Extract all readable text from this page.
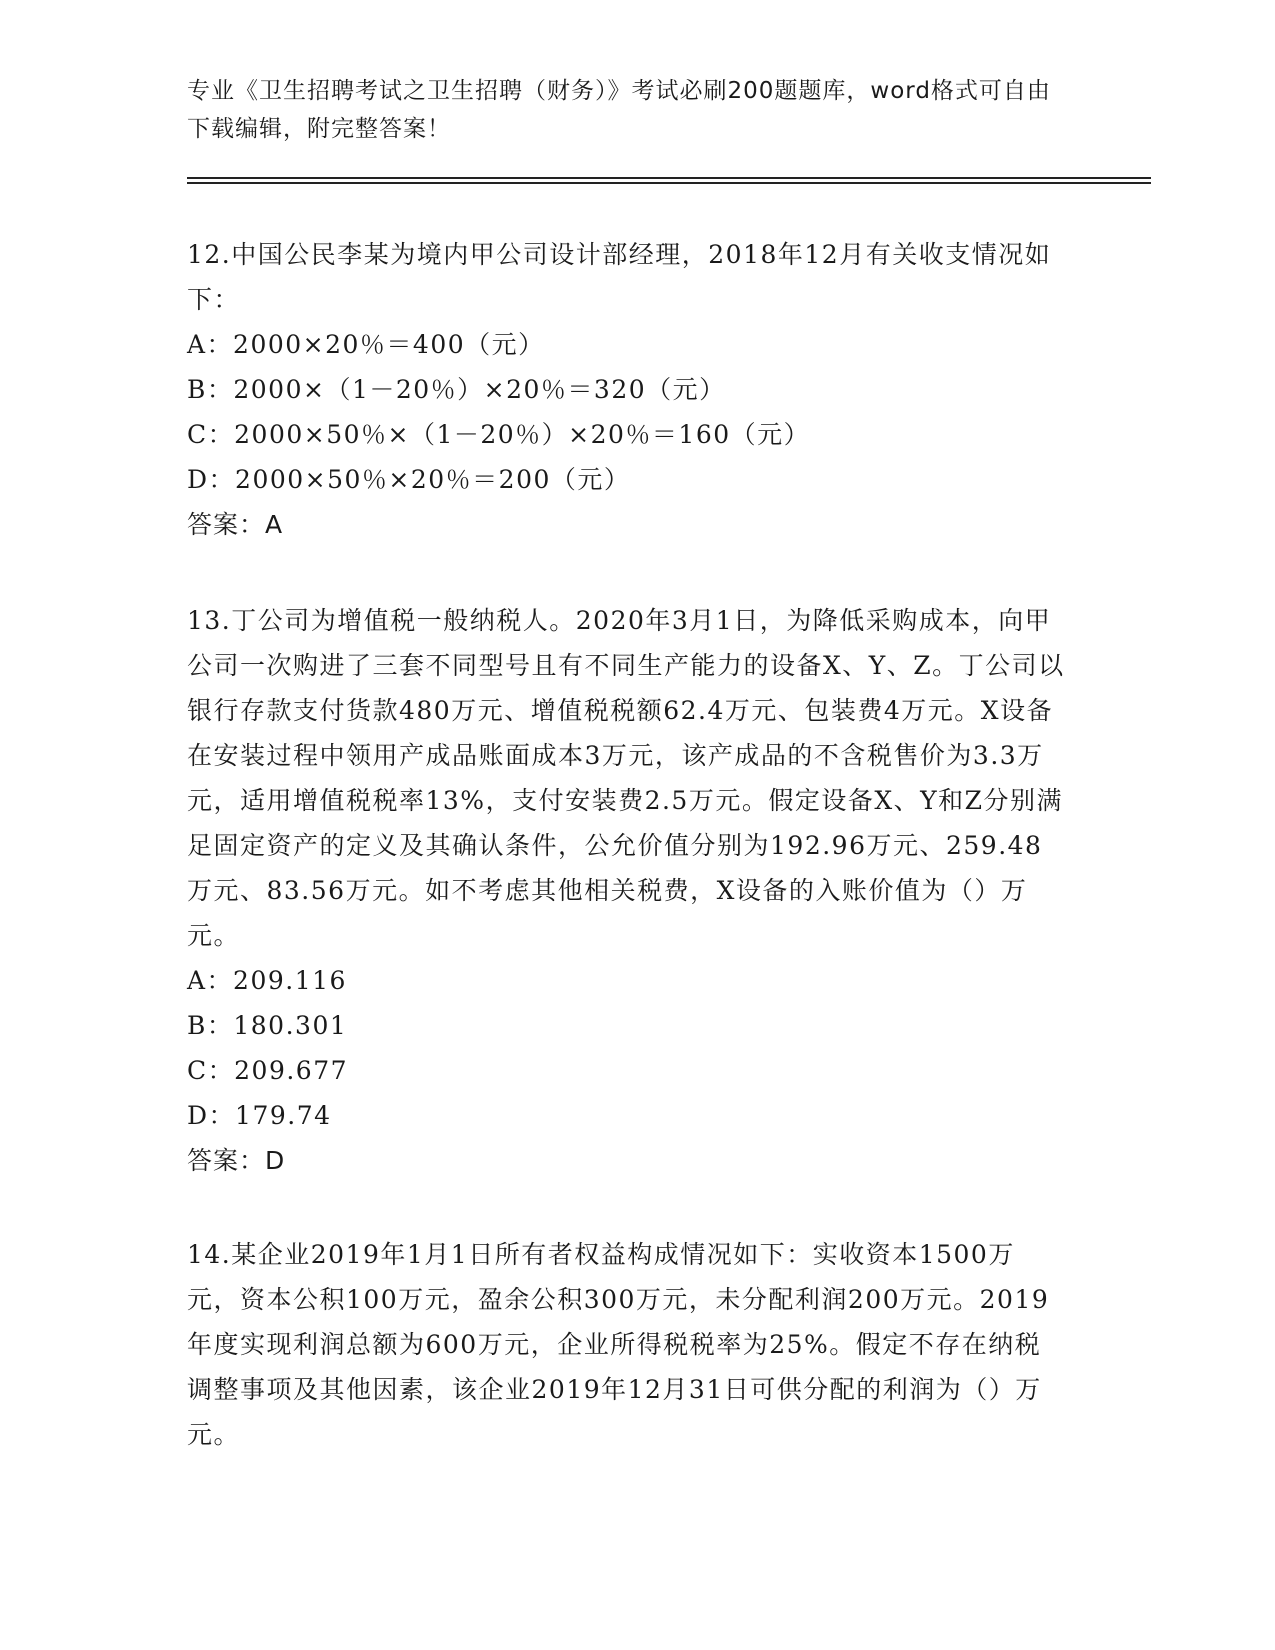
专业《卫生招聘考试之卫生招聘（财务）》考试必刷200题题库，word格式可自由下载编辑，附完整答案！

12.中国公民李某为境内甲公司设计部经理，2018年12月有关收支情况如下：

A：2000×20％＝400（元）

B：2000×（1－20％）×20％＝320（元）

C：2000×50％×（1－20％）×20％＝160（元）

D：2000×50％×20％＝200（元）

答案：A

13.丁公司为增值税一般纳税人。2020年3月1日，为降低采购成本，向甲公司一次购进了三套不同型号且有不同生产能力的设备X、Y、Z。丁公司以银行存款支付货款480万元、增值税税额62.4万元、包装费4万元。X设备在安装过程中领用产成品账面成本3万元，该产成品的不含税售价为3.3万元，适用增值税税率13%，支付安装费2.5万元。假定设备X、Y和Z分别满足固定资产的定义及其确认条件，公允价值分别为192.96万元、259.48万元、83.56万元。如不考虑其他相关税费，X设备的入账价值为（）万元。

A：209.116

B：180.301

C：209.677

D：179.74

答案：D

14.某企业2019年1月1日所有者权益构成情况如下：实收资本1500万元，资本公积100万元，盈余公积300万元，未分配利润200万元。2019年度实现利润总额为600万元，企业所得税税率为25%。假定不存在纳税调整事项及其他因素，该企业2019年12月31日可供分配的利润为（）万元。
